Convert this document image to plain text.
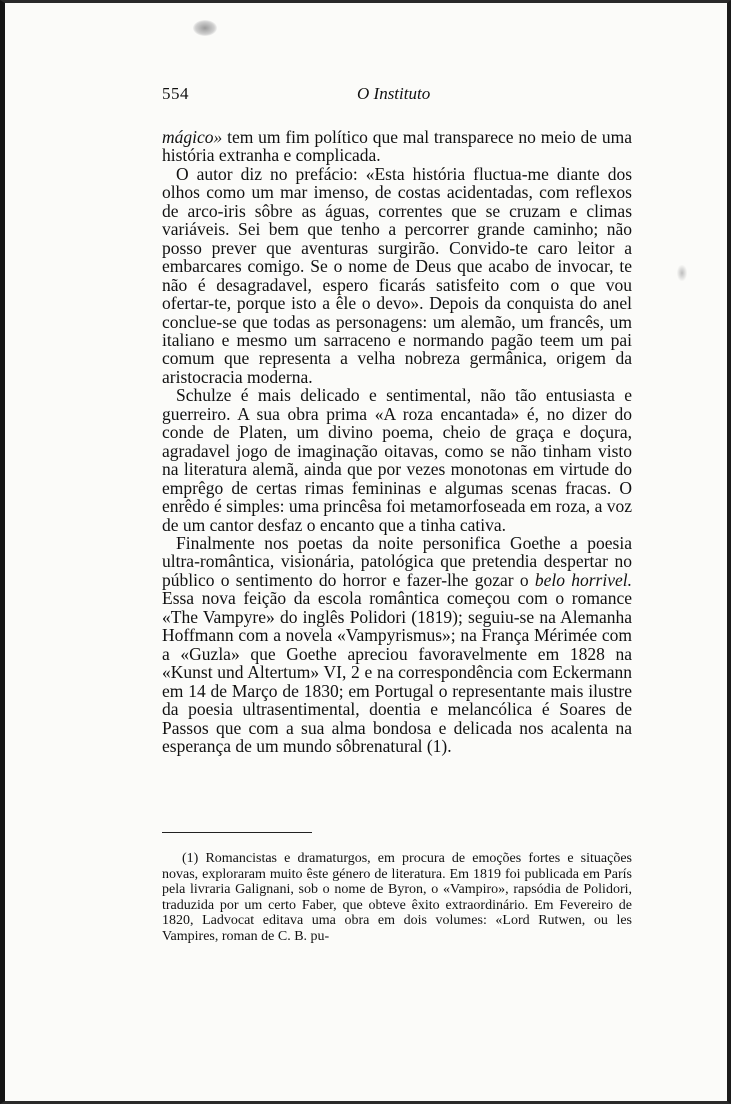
554	O Instituto

mágico» tem um fim político que mal transparece no meio de uma história extranha e complicada.

O autor diz no prefácio: «Esta história fluctua-me diante dos olhos como um mar imenso, de costas acidentadas, com reflexos de arco-iris sôbre as águas, correntes que se cruzam e climas variáveis. Sei bem que tenho a percorrer grande caminho; não posso prever que aventuras surgirão. Convido-te caro leitor a embarcares comigo. Se o nome de Deus que acabo de invocar, te não é desagradavel, espero ficarás satisfeito com o que vou ofertar-te, porque isto a êle o devo». Depois da conquista do anel conclue-se que todas as personagens: um alemão, um francês, um italiano e mesmo um sarraceno e normando pagão teem um pai comum que representa a velha nobreza germânica, origem da aristocracia moderna.

Schulze é mais delicado e sentimental, não tão entusiasta e guerreiro. A sua obra prima «A roza encantada» é, no dizer do conde de Platen, um divino poema, cheio de graça e doçura, agradavel jogo de imaginação oitavas, como se não tinham visto na literatura alemã, ainda que por vezes monotonas em virtude do emprêgo de certas rimas femininas e algumas scenas fracas. O enrêdo é simples: uma princêsa foi metamorfoseada em roza, a voz de um cantor desfaz o encanto que a tinha cativa.

Finalmente nos poetas da noite personifica Goethe a poesia ultra-romântica, visionária, patológica que pretendia despertar no público o sentimento do horror e fazer-lhe gozar o belo horrivel. Essa nova feição da escola romântica começou com o romance «The Vampyre» do inglês Polidori (1819); seguiu-se na Alemanha Hoffmann com a novela «Vampyrismus»; na França Mérimée com a «Guzla» que Goethe apreciou favoravelmente em 1828 na «Kunst und Altertum» VI, 2 e na correspondência com Eckermann em 14 de Março de 1830; em Portugal o representante mais ilustre da poesia ultrasentimental, doentia e melancólica é Soares de Passos que com a sua alma bondosa e delicada nos acalenta na esperança de um mundo sôbrenatural (1).

(1) Romancistas e dramaturgos, em procura de emoções fortes e situações novas, exploraram muito êste género de literatura. Em 1819 foi publicada em París pela livraria Galignani, sob o nome de Byron, o «Vampiro», rapsódia de Polidori, traduzida por um certo Faber, que obteve êxito extraordinário. Em Fevereiro de 1820, Ladvocat editava uma obra em dois volumes: «Lord Rutwen, ou les Vampires, roman de C. B. pu-
